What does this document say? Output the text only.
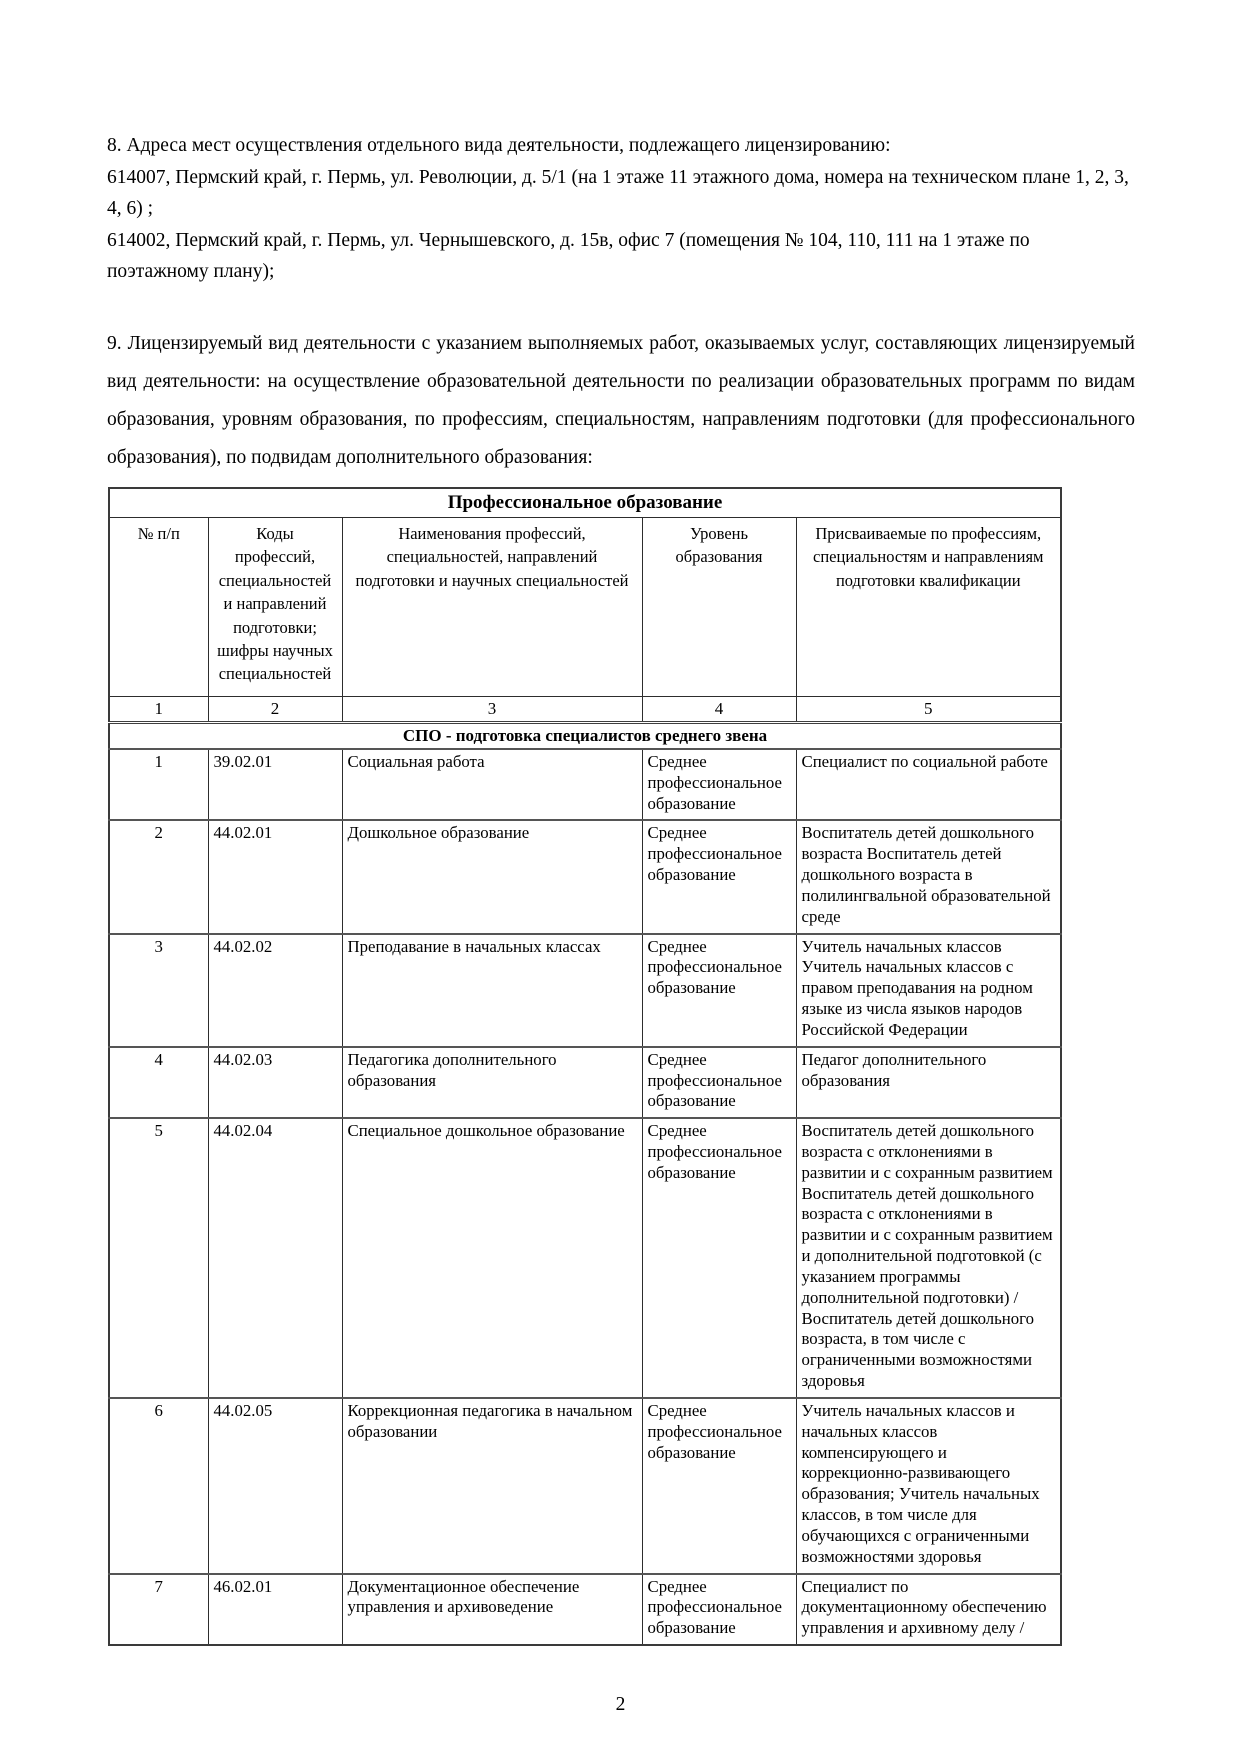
8. Адреса мест осуществления отдельного вида деятельности, подлежащего лицензированию:

614007, Пермский край, г. Пермь, ул. Революции, д. 5/1 (на 1 этаже 11 этажного дома, номера на техническом плане 1, 2, 3, 4, 6) ;

614002, Пермский край, г. Пермь, ул. Чернышевского, д. 15в, офис 7 (помещения № 104, 110, 111 на 1 этаже по поэтажному плану);

9. Лицензируемый вид деятельности с указанием выполняемых работ, оказываемых услуг, составляющих лицензируемый вид деятельности: на осуществление образовательной деятельности по реализации образовательных программ по видам образования, уровням образования, по профессиям, специальностям, направлениям подготовки (для профессионального образования), по подвидам дополнительного образования:

Профессиональное образование				
№ п/п	Коды профессий, специальностей и направлений подготовки; шифры научных специальностей	Наименования профессий, специальностей, направлений подготовки и научных специальностей	Уровень образования	Присваиваемые по профессиям, специальностям и направлениям подготовки квалификации
1	2	3	4	5
СПО - подготовка специалистов среднего звена				
1	39.02.01	Социальная работа	Среднее профессиональное образование	Специалист по социальной работе
2	44.02.01	Дошкольное образование	Среднее профессиональное образование	Воспитатель детей дошкольного возраста Воспитатель детей дошкольного возраста в полилингвальной образовательной среде
3	44.02.02	Преподавание в начальных классах	Среднее профессиональное образование	Учитель начальных классов Учитель начальных классов с правом преподавания на родном языке из числа языков народов Российской Федерации
4	44.02.03	Педагогика дополнительного образования	Среднее профессиональное образование	Педагог дополнительного образования
5	44.02.04	Специальное дошкольное образование	Среднее профессиональное образование	Воспитатель детей дошкольного возраста с отклонениями в развитии и с сохранным развитием Воспитатель детей дошкольного возраста с отклонениями в развитии и с сохранным развитием и дополнительной подготовкой (с указанием программы дополнительной подготовки) / Воспитатель детей дошкольного возраста, в том числе с ограниченными возможностями здоровья
6	44.02.05	Коррекционная педагогика в начальном образовании	Среднее профессиональное образование	Учитель начальных классов и начальных классов компенсирующего и коррекционно-развивающего образования; Учитель начальных классов, в том числе для обучающихся с ограниченными возможностями здоровья
7	46.02.01	Документационное обеспечение управления и архивоведение	Среднее профессиональное образование	Специалист по документационному обеспечению управления и архивному делу /
2
